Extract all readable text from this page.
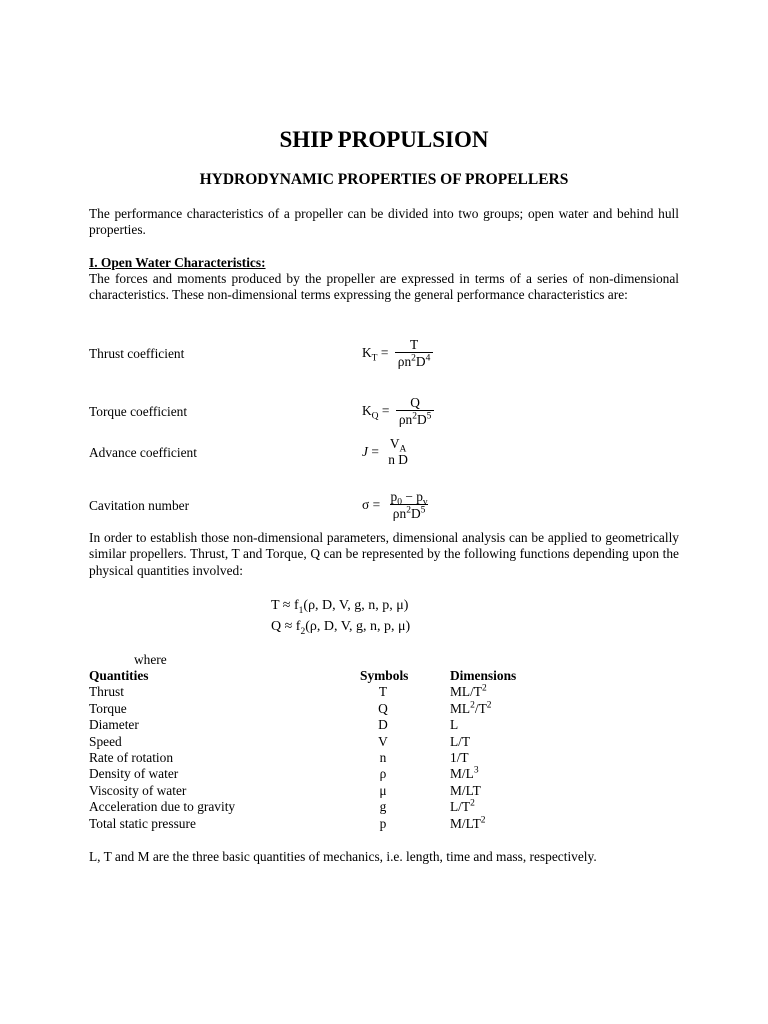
SHIP PROPULSION
HYDRODYNAMIC PROPERTIES OF PROPELLERS
The performance characteristics of a propeller can be divided into two groups; open water and behind hull properties.
I. Open Water Characteristics:
The forces and moments produced by the propeller are expressed in terms of a series of non-dimensional characteristics. These non-dimensional terms expressing the general performance characteristics are:
Thrust coefficient	$K_T = \frac{T}{\rho n^2D^4}$
Torque coefficient	$K_Q = \frac{Q}{\rho n^2D^5}$
Advance coefficient	J =
$V_A$
n D
Cavitation number	$\sigma = \frac{p_0 - p_v}{\rho n^2D^5}$
In order to establish those non-dimensional parameters, dimensional analysis can be applied to geometrically similar propellers. Thrust, T and Torque, Q can be represented by the following functions depending upon the physical quantities involved:
$T \approx f_1(\rho$, D, V, g, n, p, μ)
$Q \approx f_2(\rho$, D, V, g, n, p, μ)
where
Quantities	Symbols	Dimensions
Thrust	T	$ML/T^2$
Torque	Q	$ML^2/T^2$
Diameter	D	L
Speed	V	L/T
Rate of rotation	n	1/T
Density of water	ρ	$M/L^3$
Viscosity of water	μ	M/LT
Acceleration due to gravity	g	$L/T^2$
Total static pressure	p	$M/LT^2$
L, T and M are the three basic quantities of mechanics, i.e. length, time and mass, respectively.
